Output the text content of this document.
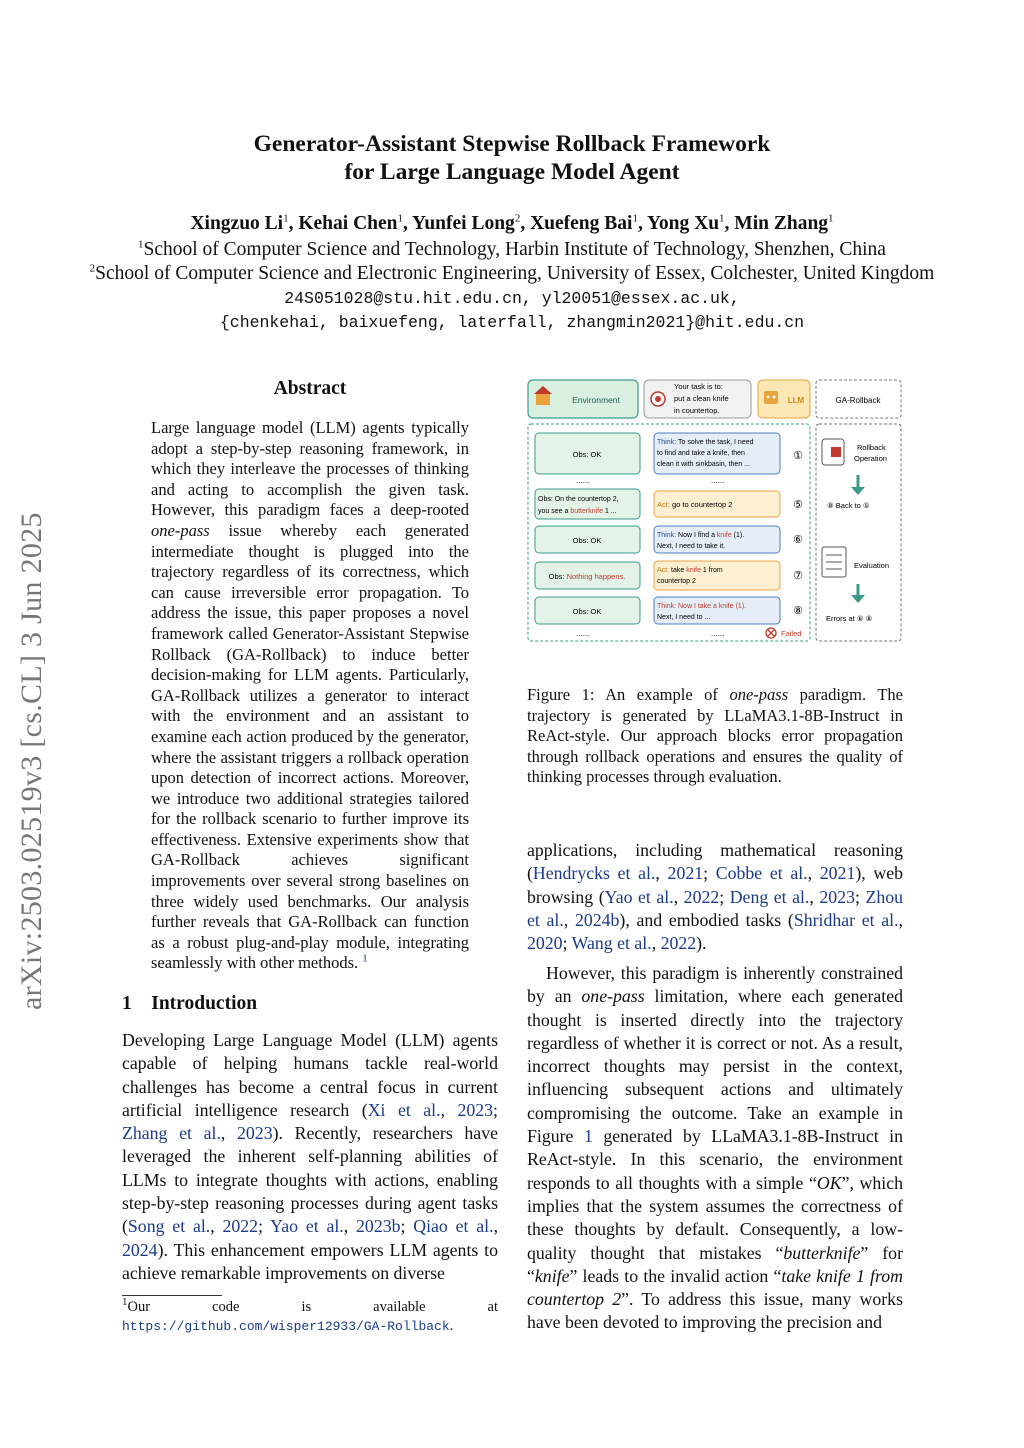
Generator-Assistant Stepwise Rollback Framework
for Large Language Model Agent
Xingzuo Li$^1$, Kehai Chen$^1$, Yunfei Long$^2$, Xuefeng Bai$^1$, Yong Xu$^1$, Min Zhang$^1$
$^1$School of Computer Science and Technology, Harbin Institute of Technology, Shenzhen, China
$^2$School of Computer Science and Electronic Engineering, University of Essex, Colchester, United Kingdom
24S051028@stu.hit.edu.cn, yl20051@essex.ac.uk,
{chenkehai, baixuefeng, laterfall, zhangmin2021}@hit.edu.cn
arXiv:2503.02519v3 [cs.CL] 3 Jun 2025
Abstract
Large language model (LLM) agents typically adopt a step-by-step reasoning framework, in which they interleave the processes of thinking and acting to accomplish the given task. However, this paradigm faces a deep-rooted one-pass issue whereby each generated intermediate thought is plugged into the trajectory regardless of its correctness, which can cause irreversible error propagation. To address the issue, this paper proposes a novel framework called Generator-Assistant Stepwise Rollback (GA-Rollback) to induce better decision-making for LLM agents. Particularly, GA-Rollback utilizes a generator to interact with the environment and an assistant to examine each action produced by the generator, where the assistant triggers a rollback operation upon detection of incorrect actions. Moreover, we introduce two additional strategies tailored for the rollback scenario to further improve its effectiveness. Extensive experiments show that GA-Rollback achieves significant improvements over several strong baselines on three widely used benchmarks. Our analysis further reveals that GA-Rollback can function as a robust plug-and-play module, integrating seamlessly with other methods. $^1$
1 Introduction
Developing Large Language Model (LLM) agents capable of helping humans tackle real-world challenges has become a central focus in current artificial intelligence research (Xi et al., 2023; Zhang et al., 2023). Recently, researchers have leveraged the inherent self-planning abilities of LLMs to integrate thoughts with actions, enabling step-by-step reasoning processes during agent tasks (Song et al., 2022; Yao et al., 2023b; Qiao et al., 2024). This enhancement empowers LLM agents to achieve remarkable improvements on diverse
$^1$Our code is available at https://github.com/wisper12933/GA-Rollback.
Environment
Your task is to:
put a clean knife
in countertop.
LLM	GA-Rollback
Obs: OK
Think: To solve the task, I need
to find and take a knife, then
clean it with sinkbasin, then ...
①
......	......
Obs: On the countertop 2,
you see a butterknife 1 ...
Act: go to countertop 2	⑤
Obs: OK
Think: Now I find a knife (1).
Next, I need to take it.
⑥
Obs: Nothing happens.
Act: take knife 1 from
countertop 2	⑦
Obs: OK
Think: Now I take a knife (1).
Next, I need to ...
⑧
......	......	Failed
Rollback
Operation
⑧ Back to ⑤
Evaluation
Errors at ⑥ ⑧
Figure 1: An example of one-pass paradigm. The trajectory is generated by LLaMA3.1-8B-Instruct in ReAct-style. Our approach blocks error propagation through rollback operations and ensures the quality of thinking processes through evaluation.
applications, including mathematical reasoning (Hendrycks et al., 2021; Cobbe et al., 2021), web browsing (Yao et al., 2022; Deng et al., 2023; Zhou et al., 2024b), and embodied tasks (Shridhar et al., 2020; Wang et al., 2022).
However, this paradigm is inherently constrained by an one-pass limitation, where each generated thought is inserted directly into the trajectory regardless of whether it is correct or not. As a result, incorrect thoughts may persist in the context, influencing subsequent actions and ultimately compromising the outcome. Take an example in Figure 1 generated by LLaMA3.1-8B-Instruct in ReAct-style. In this scenario, the environment responds to all thoughts with a simple “OK”, which implies that the system assumes the correctness of these thoughts by default. Consequently, a low-quality thought that mistakes “butterknife” for “knife” leads to the invalid action “take knife 1 from countertop 2”. To address this issue, many works have been devoted to improving the precision and
